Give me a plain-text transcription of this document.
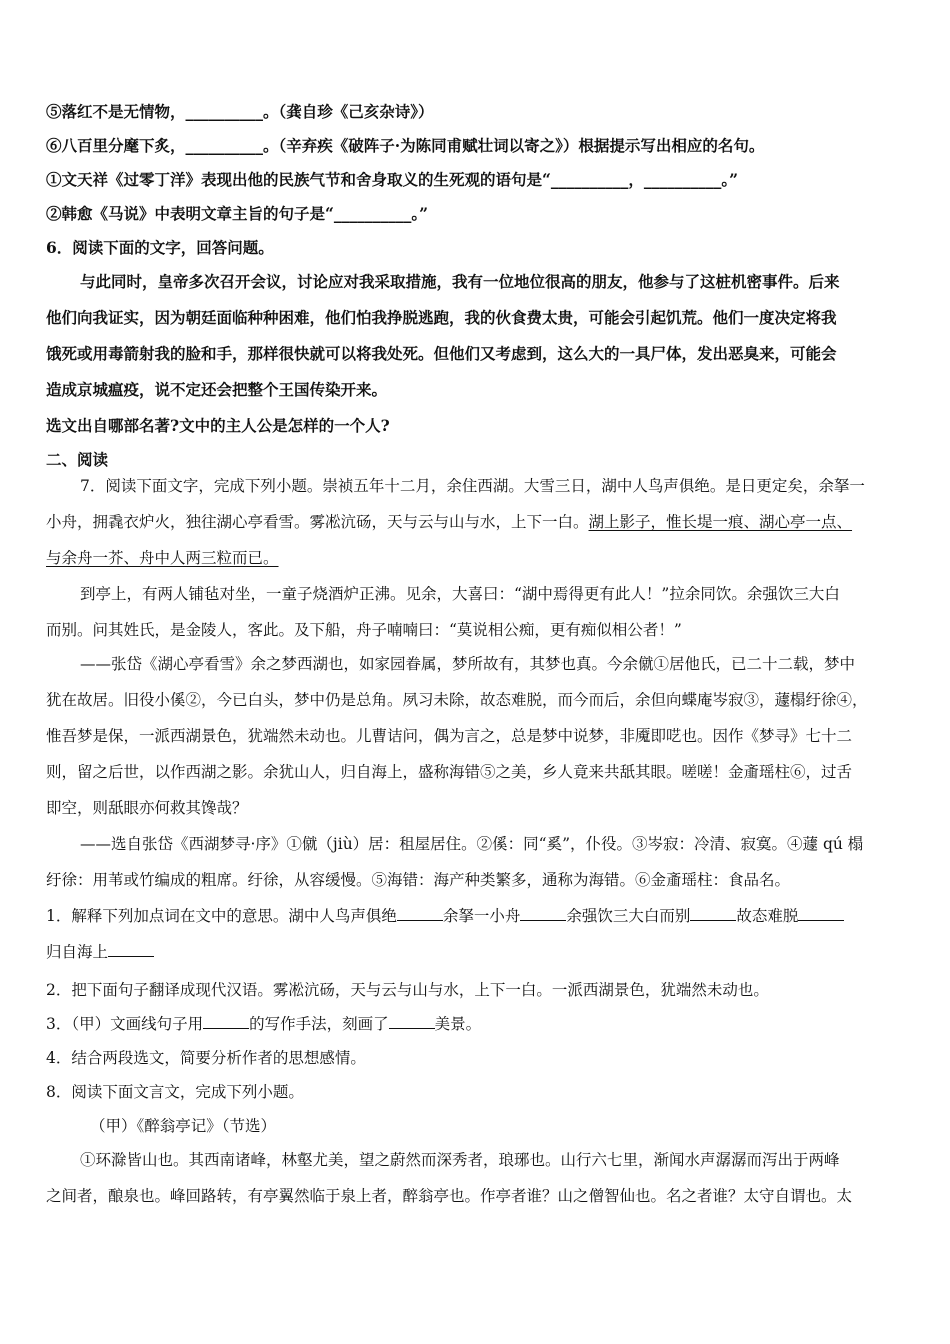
⑤落红不是无情物，__________。（龚自珍《己亥杂诗》）
⑥八百里分麾下炙，__________。（辛弃疾《破阵子·为陈同甫赋壮词以寄之》）根据提示写出相应的名句。
①文天祥《过零丁洋》表现出他的民族气节和舍身取义的生死观的语句是“__________，__________。”
②韩愈《马说》中表明文章主旨的句子是“__________。”
6．阅读下面的文字，回答问题。
与此同时，皇帝多次召开会议，讨论应对我采取措施，我有一位地位很高的朋友，他参与了这桩机密事件。后来
他们向我证实，因为朝廷面临种种困难，他们怕我挣脱逃跑，我的伙食费太贵，可能会引起饥荒。他们一度决定将我
饿死或用毒箭射我的脸和手，那样很快就可以将我处死。但他们又考虑到，这么大的一具尸体，发出恶臭来，可能会
造成京城瘟疫，说不定还会把整个王国传染开来。
选文出自哪部名著?文中的主人公是怎样的一个人?
二、阅读
7．阅读下面文字，完成下列小题。崇祯五年十二月，余住西湖。大雪三日，湖中人鸟声俱绝。是日更定矣，余拏一
小舟，拥毳衣炉火，独往湖心亭看雪。雾凇沆砀，天与云与山与水，上下一白。湖上影子，惟长堤一痕、湖心亭一点、
与余舟一芥、舟中人两三粒而已。
到亭上，有两人铺毡对坐，一童子烧酒炉正沸。见余，大喜曰：“湖中焉得更有此人！”拉余同饮。余强饮三大白
而别。问其姓氏，是金陵人，客此。及下船，舟子喃喃曰：“莫说相公痴，更有痴似相公者！”
——张岱《湖心亭看雪》余之梦西湖也，如家园眷属，梦所故有，其梦也真。今余僦①居他氏，已二十二载，梦中
犹在故居。旧役小傒②，今已白头，梦中仍是总角。夙习未除，故态难脱，而今而后，余但向蝶庵岑寂③，蘧榻纡徐④，
惟吾梦是保，一派西湖景色，犹端然未动也。儿曹诘问，偶为言之，总是梦中说梦，非魇即呓也。因作《梦寻》七十二
则，留之后世，以作西湖之影。余犹山人，归自海上，盛称海错⑤之美，乡人竟来共舐其眼。嗟嗟！金齑瑶柱⑥，过舌
即空，则舐眼亦何救其馋哉？
——选自张岱《西湖梦寻·序》①僦（jiù）居：租屋居住。②傒：同“奚”，仆役。③岑寂：冷清、寂寞。④蘧 qú 榻
纡徐：用苇或竹编成的粗席。纡徐，从容缓慢。⑤海错：海产种类繁多，通称为海错。⑥金齑瑶柱：食品名。
1．解释下列加点词在文中的意思。湖中人鸟声俱绝	余拏一小舟	余强饮三大白而别	故态难脱
归自海上
2．把下面句子翻译成现代汉语。雾凇沆砀，天与云与山与水，上下一白。一派西湖景色，犹端然未动也。
3．（甲）文画线句子用	的写作手法，刻画了	美景。
4．结合两段选文，简要分析作者的思想感情。
8．阅读下面文言文，完成下列小题。
（甲）《醉翁亭记》（节选）
①环滁皆山也。其西南诸峰，林壑尤美，望之蔚然而深秀者，琅琊也。山行六七里，渐闻水声潺潺而泻出于两峰
之间者，酿泉也。峰回路转，有亭翼然临于泉上者，醉翁亭也。作亭者谁？山之僧智仙也。名之者谁？太守自谓也。太
